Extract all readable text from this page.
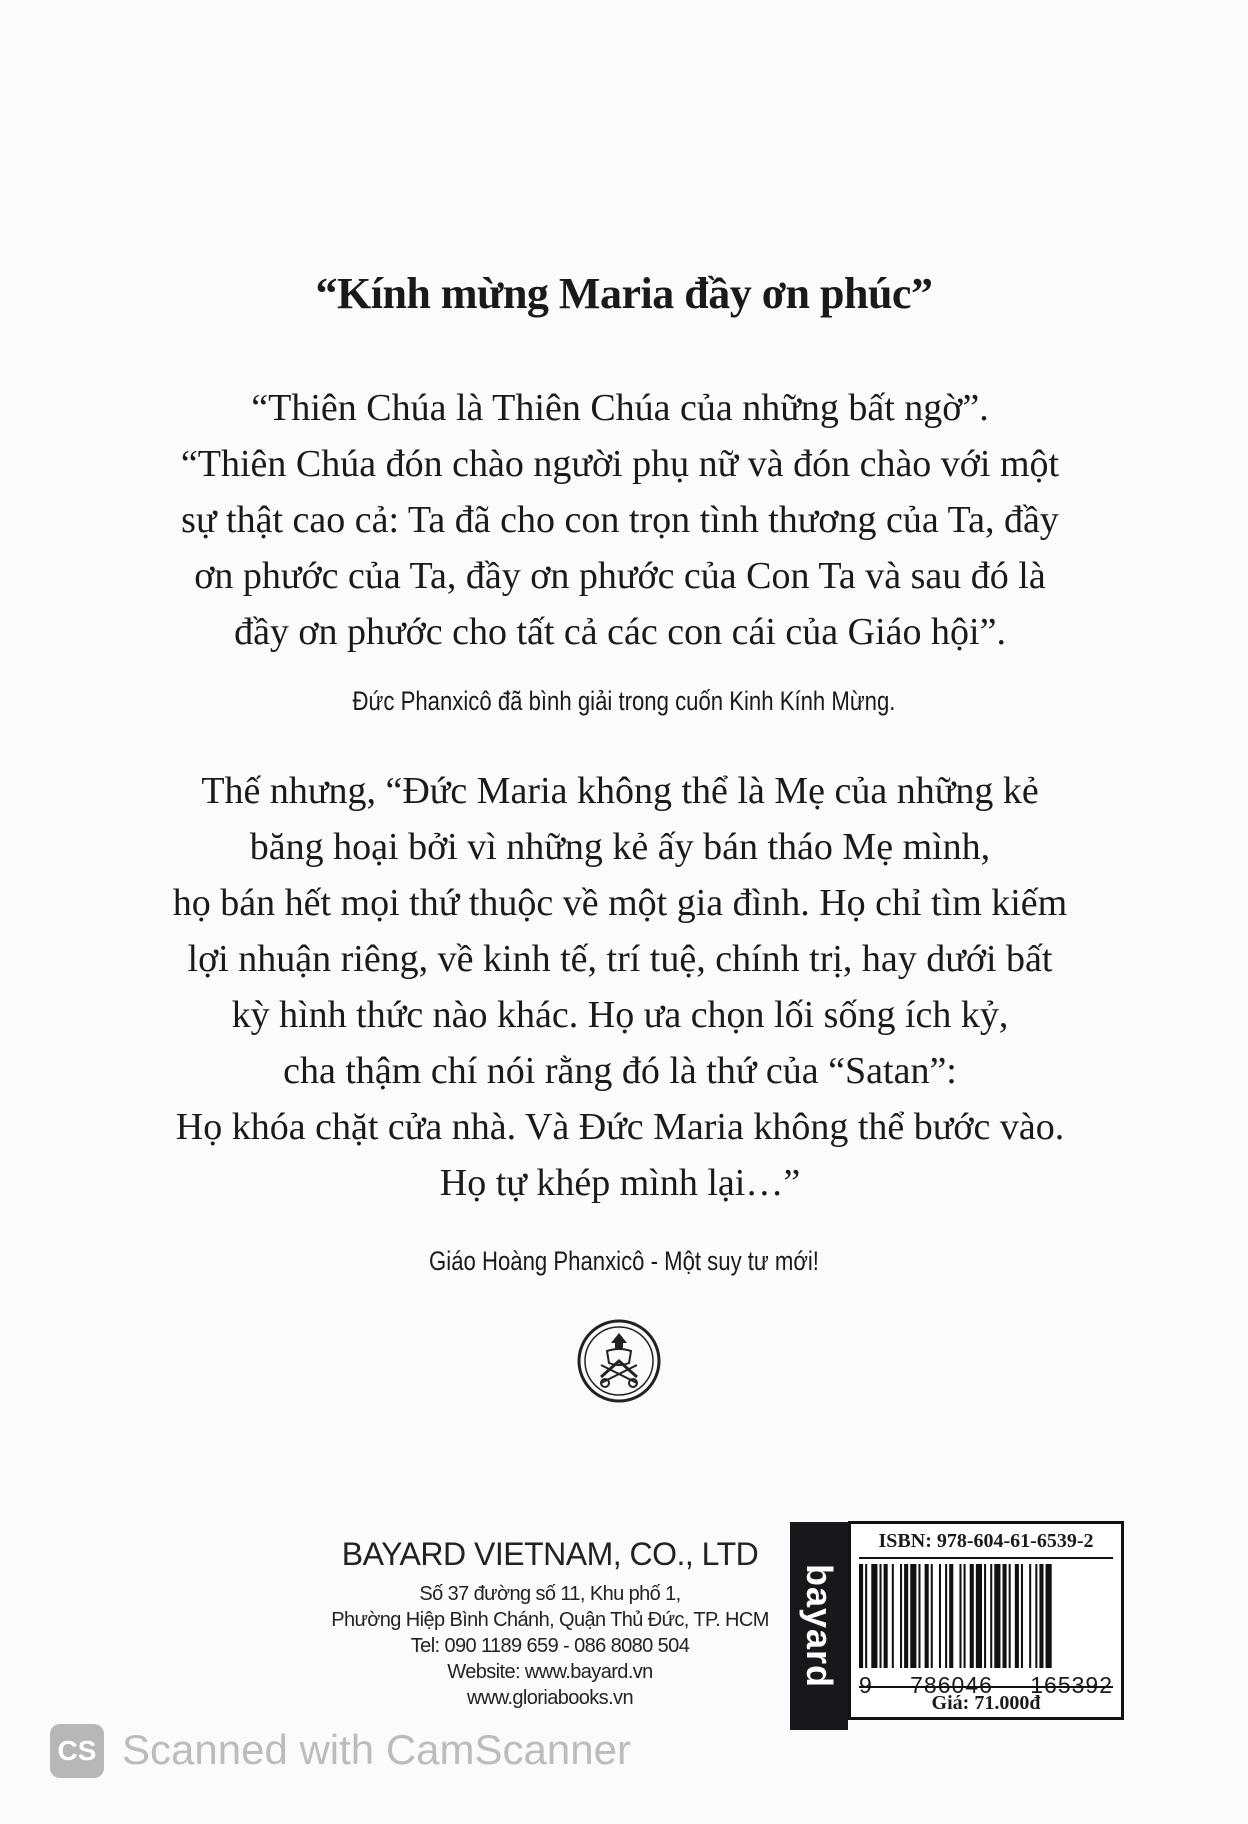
“Kính mừng Maria đầy ơn phúc”
“Thiên Chúa là Thiên Chúa của những bất ngờ”.
“Thiên Chúa đón chào người phụ nữ và đón chào với một
sự thật cao cả: Ta đã cho con trọn tình thương của Ta, đầy
ơn phước của Ta, đầy ơn phước của Con Ta và sau đó là
đầy ơn phước cho tất cả các con cái của Giáo hội”.
Đức Phanxicô đã bình giải trong cuốn Kinh Kính Mừng.
Thế nhưng, “Đức Maria không thể là Mẹ của những kẻ
băng hoại bởi vì những kẻ ấy bán tháo Mẹ mình,
họ bán hết mọi thứ thuộc về một gia đình. Họ chỉ tìm kiếm
lợi nhuận riêng, về kinh tế, trí tuệ, chính trị, hay dưới bất
kỳ hình thức nào khác. Họ ưa chọn lối sống ích kỷ,
cha thậm chí nói rằng đó là thứ của “Satan”:
Họ khóa chặt cửa nhà. Và Đức Maria không thể bước vào.
Họ tự khép mình lại…”
Giáo Hoàng Phanxicô - Một suy tư mới!
BAYARD VIETNAM, CO., LTD
Số 37 đường số 11, Khu phố 1,
Phường Hiệp Bình Chánh, Quận Thủ Đức, TP. HCM
Tel: 090 1189 659 - 086 8080 504
Website: www.bayard.vn
www.gloriabooks.vn
bayard
ISBN: 978-604-61-6539-2
9 786046 165392
Giá: 71.000đ
CS Scanned with CamScanner
